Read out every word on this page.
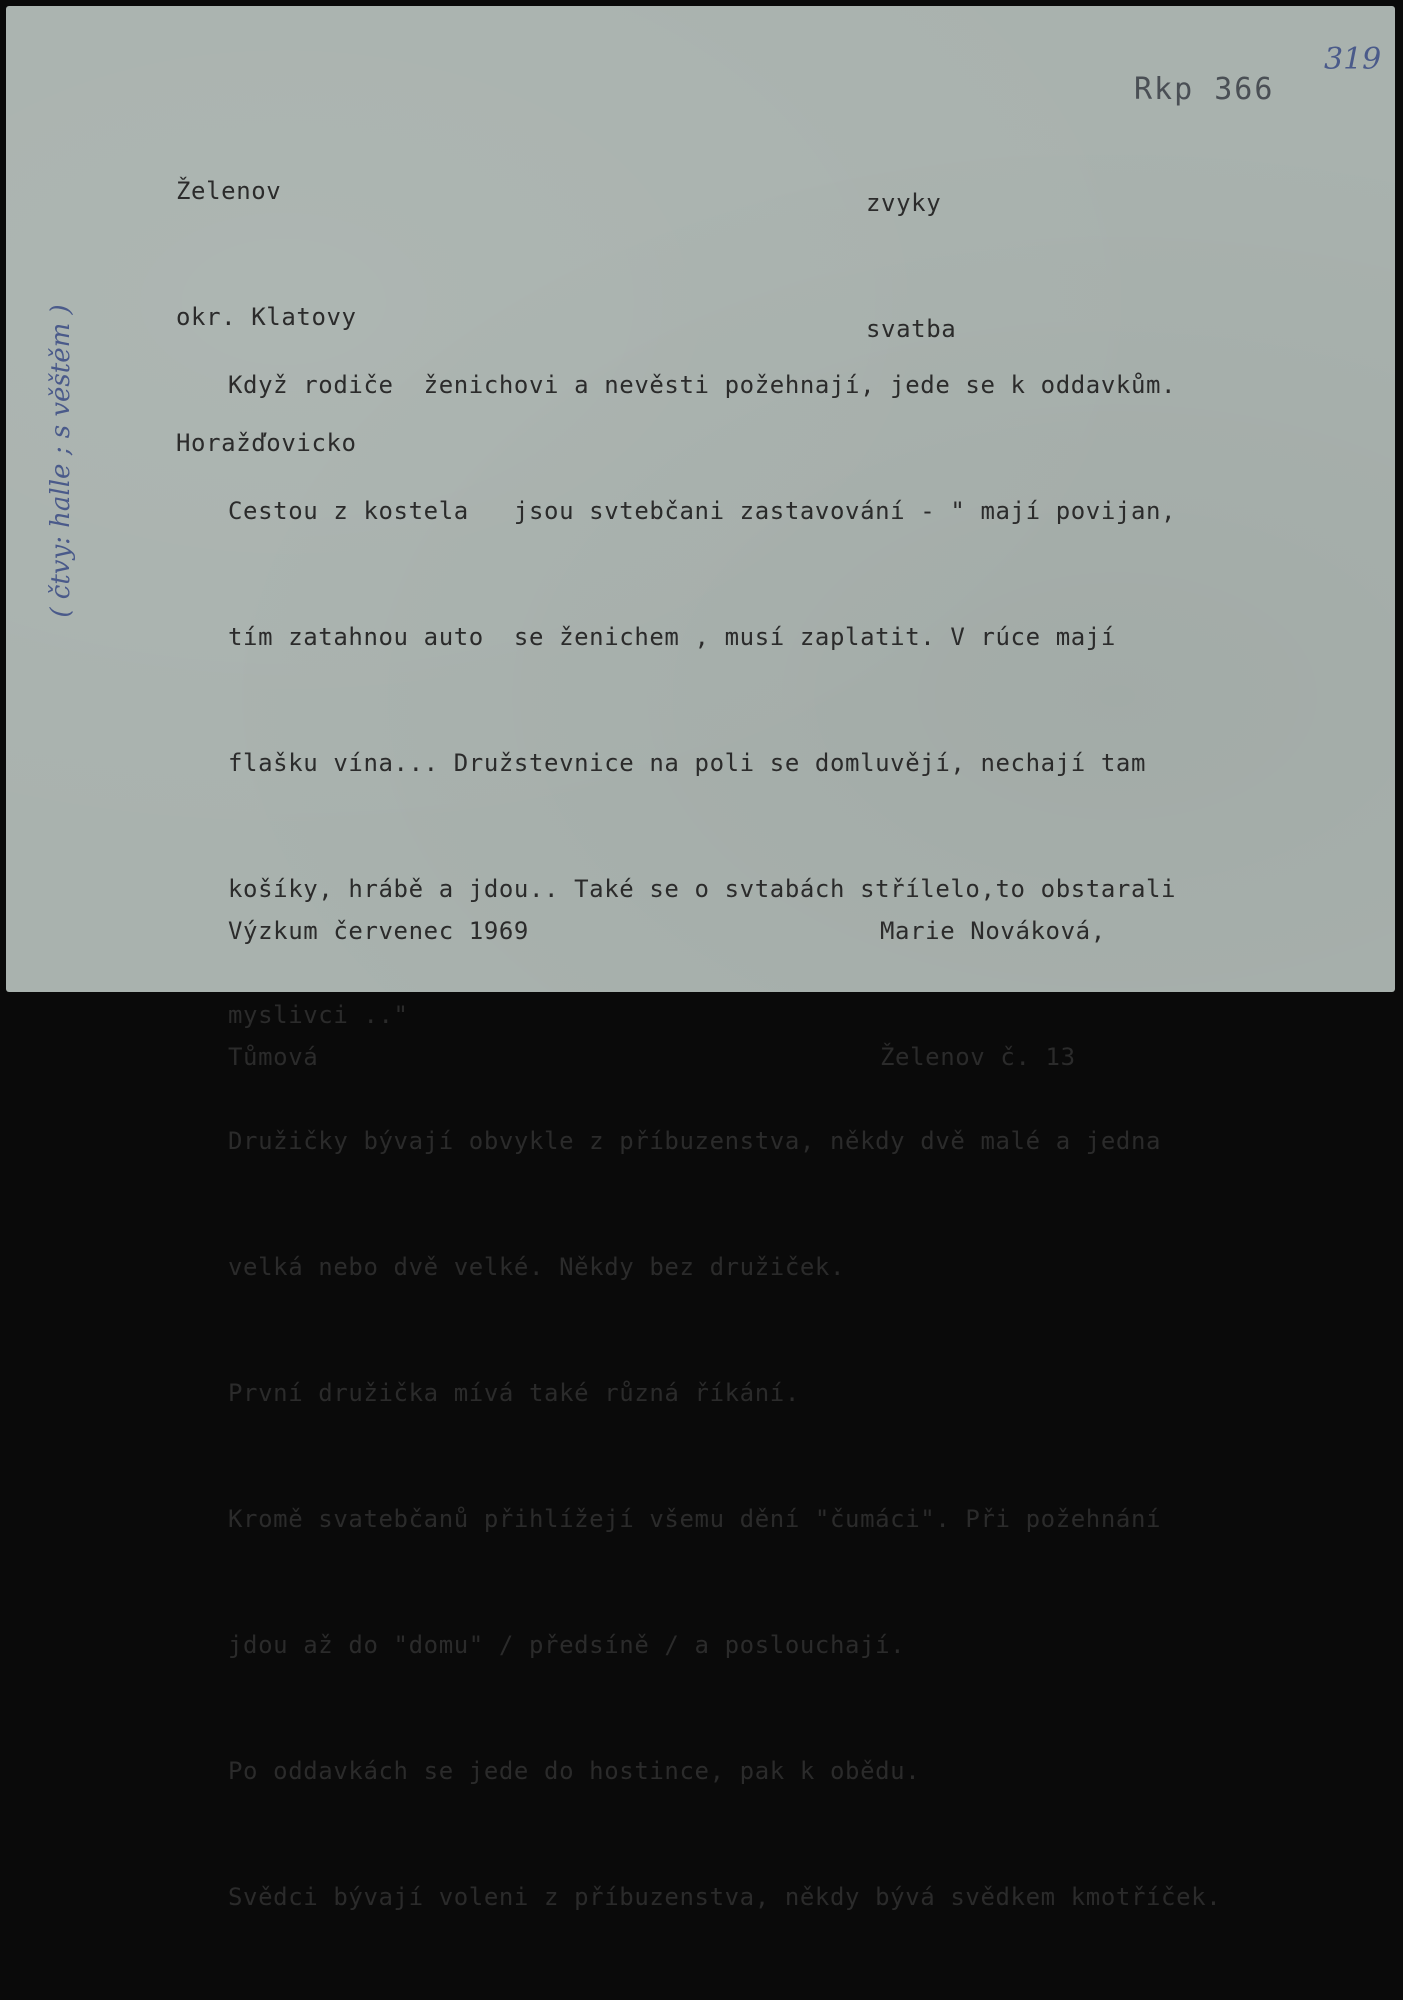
Želenov

okr. Klatovy

Horažďovicko

zvyky

svatba

Rkp 366
319
( čtvy: halle ; s věštěm )

	Když rodiče  ženichovi a nevěsti požehnají, jede se k oddavkům.

Cestou z kostela   jsou svtebčani zastavování - " mají povijan,

tím zatahnou auto  se ženichem , musí zaplatit. V rúce mají

flašku vína... Družstevnice na poli se domluvějí, nechají tam

košíky, hrábě a jdou.. Také se o svtabách střílelo,to obstarali

myslivci .."

Družičky bývají obvykle z příbuzenstva, někdy dvě malé a jedna

velká nebo dvě velké. Někdy bez družiček.

První družička mívá také různá říkání.

Kromě svatebčanů přihlížejí všemu dění "čumáci". Při požehnání

jdou až do "domu" / předsíně / a poslouchají.

Po oddavkách se jede do hostince, pak k obědu.

Svědci bývají voleni z příbuzenstva, někdy bývá svědkem kmotříček.

Výzkum červenec 1969

Tůmová

Marie Nováková,

Želenov č. 13
